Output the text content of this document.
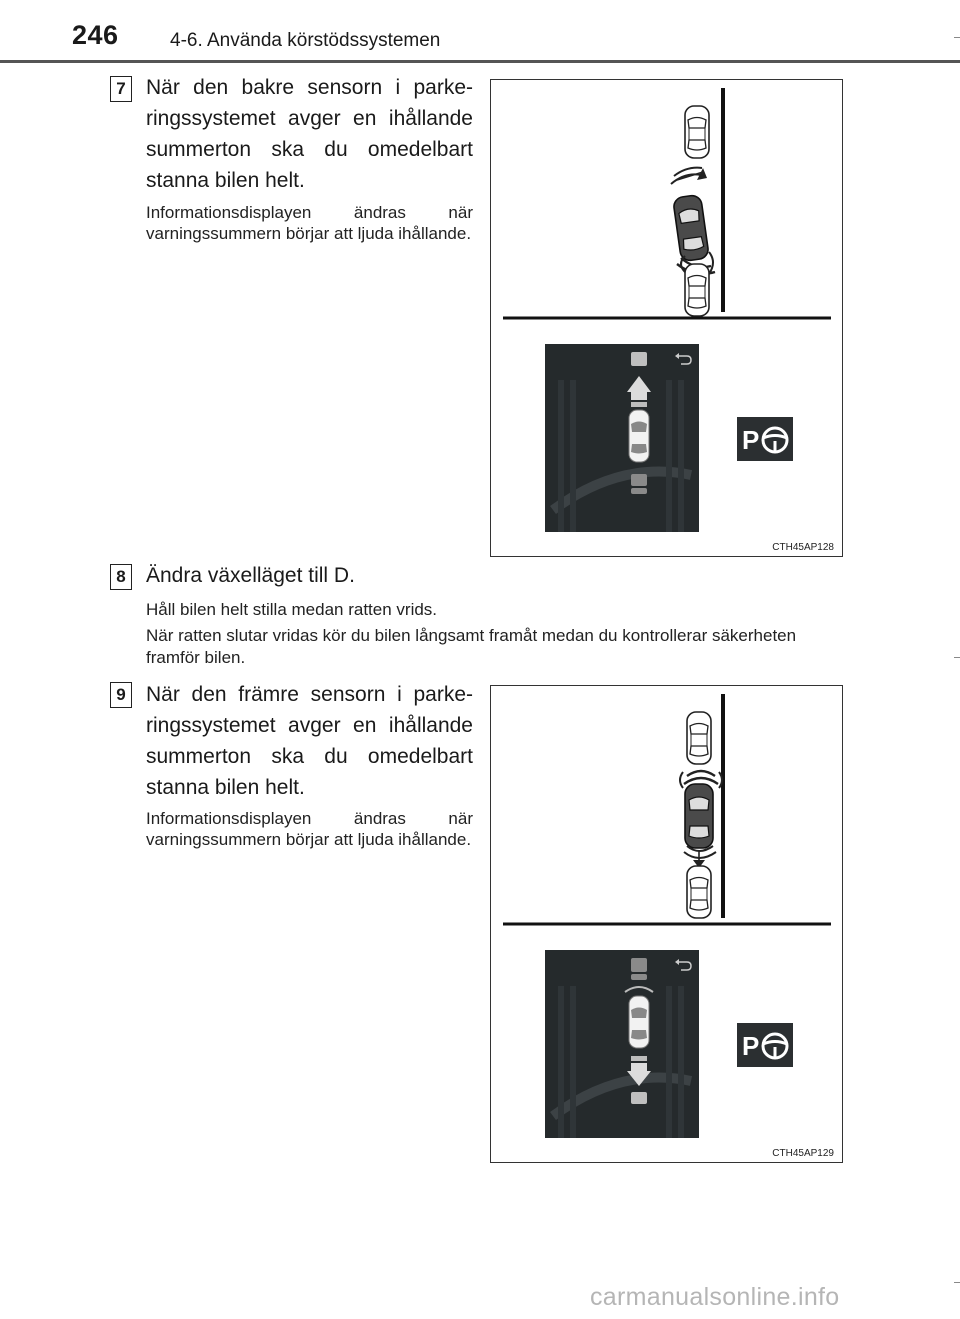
246	4-6. Använda körstödssystemen
7 När den bakre sensorn i parke-ringssystemet avger en ihållande summerton ska du omedelbart stanna bilen helt.
Informationsdisplayen ändras när varningssummern börjar att ljuda ihållande.
P
CTH45AP128
8 Ändra växelläget till D.
Håll bilen helt stilla medan ratten vrids.
När ratten slutar vridas kör du bilen långsamt framåt medan du kontrollerar säkerheten framför bilen.
9 När den främre sensorn i parke-ringssystemet avger en ihållande summerton ska du omedelbart stanna bilen helt.
Informationsdisplayen ändras när varningssummern börjar att ljuda ihållande.
P
CTH45AP129
carmanualsonline.info
